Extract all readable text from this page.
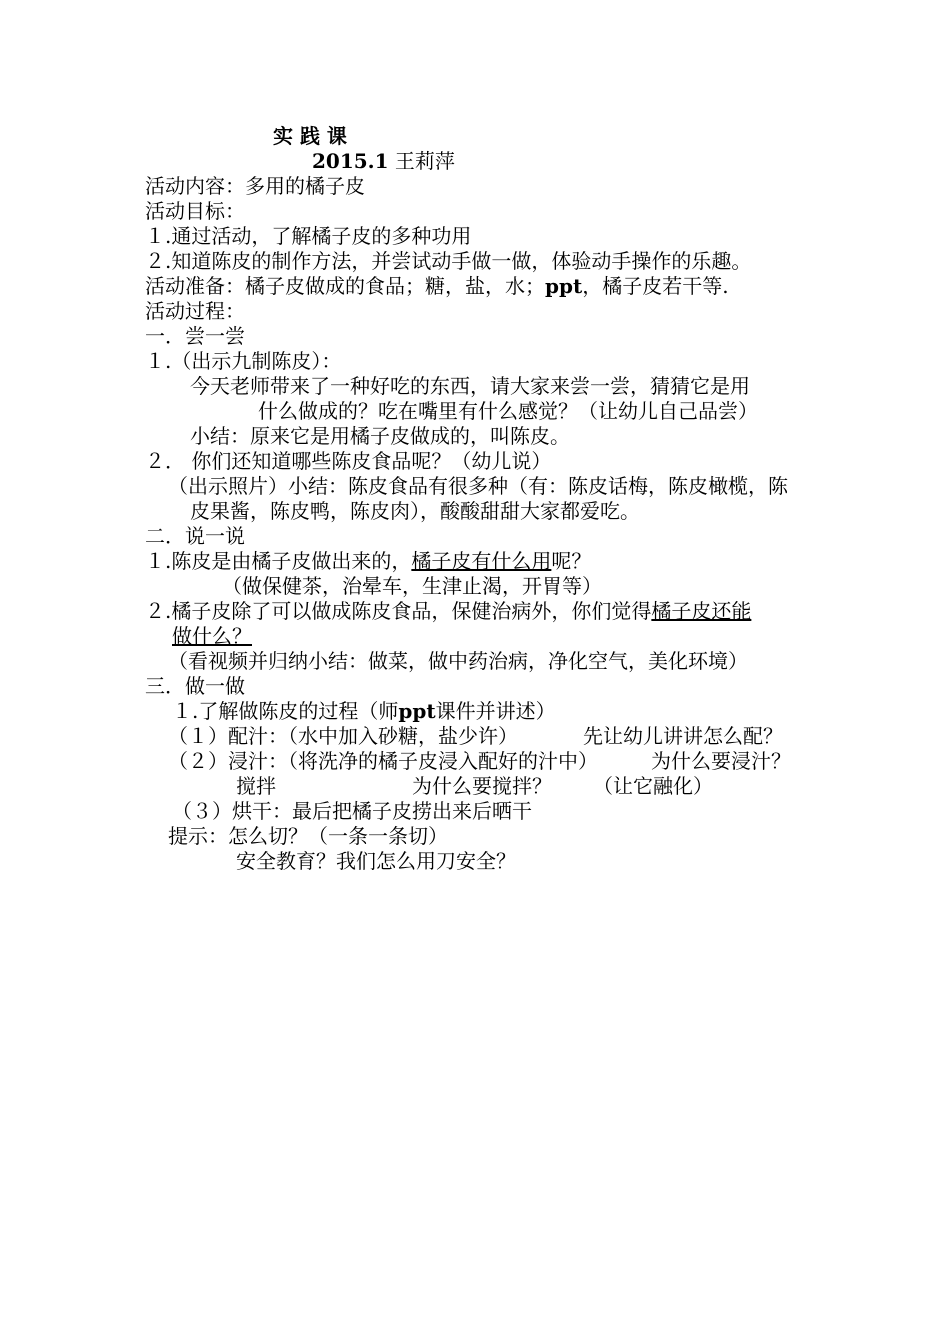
实 践 课
2015.1 王莉萍
活动内容：多用的橘子皮
活动目标：
１.通过活动，了解橘子皮的多种功用
２.知道陈皮的制作方法，并尝试动手做一做，体验动手操作的乐趣。
活动准备：橘子皮做成的食品；糖，盐，水；ppt，橘子皮若干等.
活动过程：
一．尝一尝
１.（出示九制陈皮）：
今天老师带来了一种好吃的东西，请大家来尝一尝，猜猜它是用
什么做成的？吃在嘴里有什么感觉？（让幼儿自己品尝）
小结：原来它是用橘子皮做成的，叫陈皮。
２． 你们还知道哪些陈皮食品呢？（幼儿说）
（出示照片）小结：陈皮食品有很多种（有：陈皮话梅，陈皮橄榄，陈
皮果酱，陈皮鸭，陈皮肉），酸酸甜甜大家都爱吃。
二．说一说
１.陈皮是由橘子皮做出来的，橘子皮有什么用呢？
（做保健茶，治晕车，生津止渴，开胃等）
２.橘子皮除了可以做成陈皮食品，保健治病外，你们觉得橘子皮还能
做什么？
（看视频并归纳小结：做菜，做中药治病，净化空气，美化环境）
三．做一做
１.了解做陈皮的过程（师ppt课件并讲述）
（１）配汁：（水中加入砂糖，盐少许）	先让幼儿讲讲怎么配？
（２）浸汁：（将洗净的橘子皮浸入配好的汁中）	为什么要浸汁？
搅拌	为什么要搅拌？ （让它融化）
（３）烘干：最后把橘子皮捞出来后晒干
提示：怎么切？（一条一条切）
安全教育？我们怎么用刀安全？
